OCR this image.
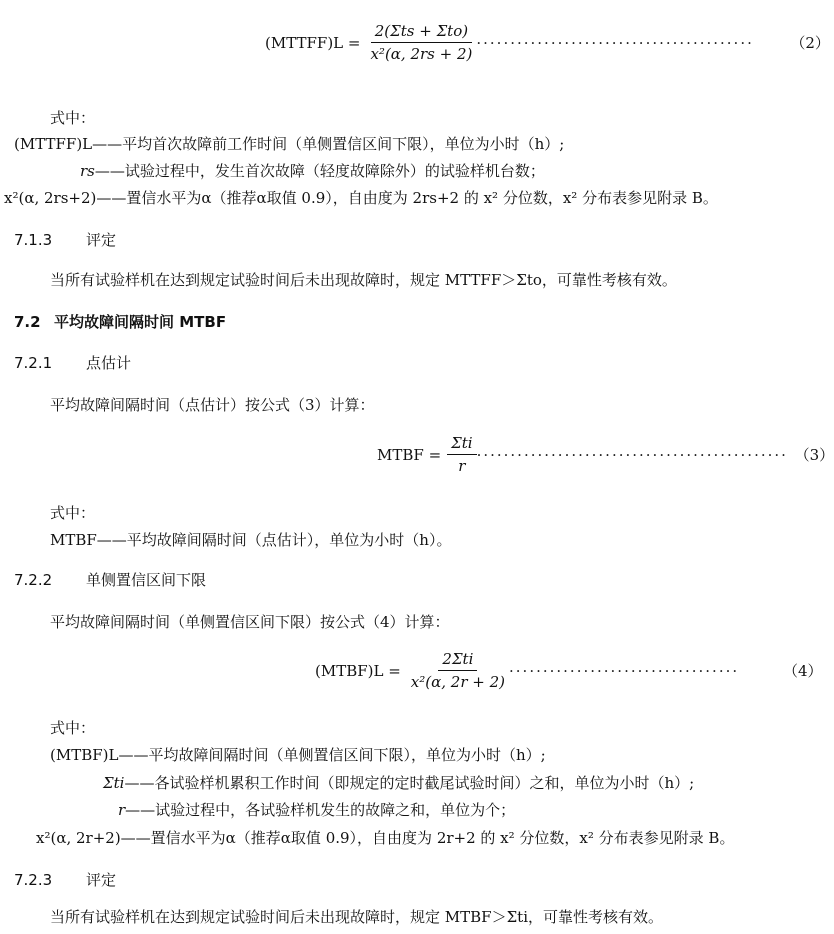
(MTTFF)L = $\frac{\text{2(Σts + Σto)}}{\text{x²(α, 2rs + 2)}}$ ·········································	（2）
式中：
(MTTFF)L——平均首次故障前工作时间（单侧置信区间下限），单位为小时（h）;
rs——试验过程中，发生首次故障（轻度故障除外）的试验样机台数；
x²(α, 2rs+2)——置信水平为α（推荐α取值 0.9），自由度为 2rs+2 的 x² 分位数，x² 分布表参见附录 B。
7.1.3 评定
当所有试验样机在达到规定试验时间后未出现故障时，规定 MTTFF＞Σto，可靠性考核有效。
7.2 平均故障间隔时间 MTBF
7.2.1 点估计
平均故障间隔时间（点估计）按公式（3）计算：
MTBF = $\frac{\text{Σti}}{r}$ ·············································· （3）
式中：
MTBF——平均故障间隔时间（点估计），单位为小时（h）。
7.2.2 单侧置信区间下限
平均故障间隔时间（单侧置信区间下限）按公式（4）计算：
(MTBF)L = $\frac{\text{2Σti}}{\text{x²(α, 2r + 2)}}$ ··································	（4）
式中：
(MTBF)L——平均故障间隔时间（单侧置信区间下限），单位为小时（h）;
Σti——各试验样机累积工作时间（即规定的定时截尾试验时间）之和，单位为小时（h）;
r——试验过程中，各试验样机发生的故障之和，单位为个；
x²(α, 2r+2)——置信水平为α（推荐α取值 0.9），自由度为 2r+2 的 x² 分位数，x² 分布表参见附录 B。
7.2.3 评定
当所有试验样机在达到规定试验时间后未出现故障时，规定 MTBF＞Σti，可靠性考核有效。
